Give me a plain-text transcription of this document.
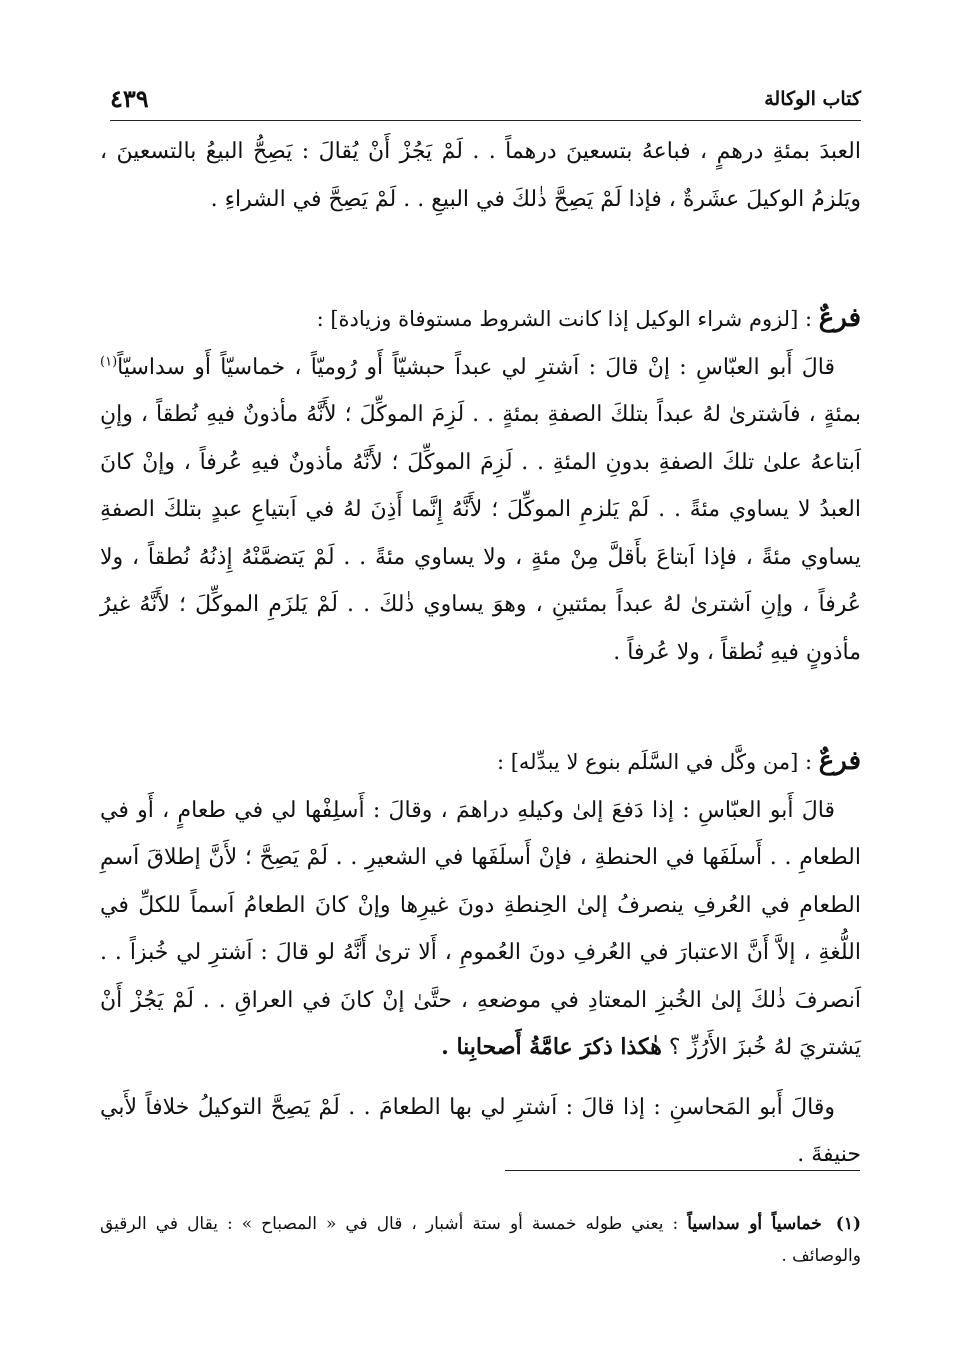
كتاب الوكالة
٤٣٩

العبدَ بمئةِ درهمٍ ، فباعهُ بتسعينَ درهماً . . لَمْ يَجُزْ أَنْ يُقالَ : يَصِحُّ البيعُ بالتسعينَ ، ويَلزمُ الوكيلَ عشَرةٌ ، فإذا لَمْ يَصِحَّ ذٰلكَ في البيعِ . . لَمْ يَصِحَّ في الشراءِ .

فرعٌ : [لزوم شراء الوكيل إذا كانت الشروط مستوفاة وزيادة] :

قالَ أَبو العبّاسِ : إنْ قالَ : اَشترِ لي عبداً حبشيّاً أَو رُوميّاً ، خماسيّاً أَو سداسيّاً$^{(١)}$ بمئةٍ ، فاَشترىٰ لهُ عبداً بتلكَ الصفةِ بمئةٍ . . لَزِمَ الموكِّلَ ؛ لأَنَّهُ مأذونٌ فيهِ نُطقاً ، وإنِ اَبتاعهُ علىٰ تلكَ الصفةِ بدونِ المئةِ . . لَزِمَ الموكِّلَ ؛ لأَنَّهُ مأذونٌ فيهِ عُرفاً ، وإنْ كانَ العبدُ لا يساوي مئةً . . لَمْ يَلزمِ الموكِّلَ ؛ لأَنَّهُ إِنَّما أَذِنَ لهُ في اَبتياعِ عبدٍ بتلكَ الصفةِ يساوي مئةً ، فإذا اَبتاعَ بأَقلَّ مِنْ مئةٍ ، ولا يساوي مئةً . . لَمْ يَتضمَّنْهُ إِذنُهُ نُطقاً ، ولا عُرفاً ، وإنِ اَشترىٰ لهُ عبداً بمئتينِ ، وهوَ يساوي ذٰلكَ . . لَمْ يَلزَمِ الموكِّلَ ؛ لأَنَّهُ غيرُ مأذونٍ فيهِ نُطقاً ، ولا عُرفاً .

فرعٌ : [من وكَّل في السَّلَم بنوع لا يبدِّله] :

قالَ أَبو العبّاسِ : إذا دَفعَ إلىٰ وكيلهِ دراهمَ ، وقالَ : أَسلِفْها لي في طعامٍ ، أَو في الطعامِ . . أَسلَفَها في الحنطةِ ، فإنْ أَسلَفَها في الشعيرِ . . لَمْ يَصِحَّ ؛ لأَنَّ إطلاقَ اَسمِ الطعامِ في العُرفِ ينصرفُ إلىٰ الحِنطةِ دونَ غيرِها وإنْ كانَ الطعامُ اَسماً للكلِّ في اللُّغةِ ، إلاَّ أَنَّ الاعتبارَ في العُرفِ دونَ العُمومِ ، أَلا ترىٰ أَنَّهُ لو قالَ : اَشترِ لي خُبزاً . . اَنصرفَ ذٰلكَ إلىٰ الخُبزِ المعتادِ في موضعهِ ، حتَّىٰ إنْ كانَ في العراقِ . . لَمْ يَجُزْ أَنْ يَشتريَ لهُ خُبزَ الأَرُزِّ ؟ هٰكذا ذكرَ عامَّةُ أَصحابِنا .

وقالَ أَبو المَحاسنِ : إذا قالَ : اَشترِ لي بها الطعامَ . . لَمْ يَصِحَّ التوكيلُ خلافاً لأَبي حنيفةَ .

(١)خماسياً أو سداسياً : يعني طوله خمسة أو ستة أشبار ، قال في « المصباح » : يقال في الرقيق والوصائف .
